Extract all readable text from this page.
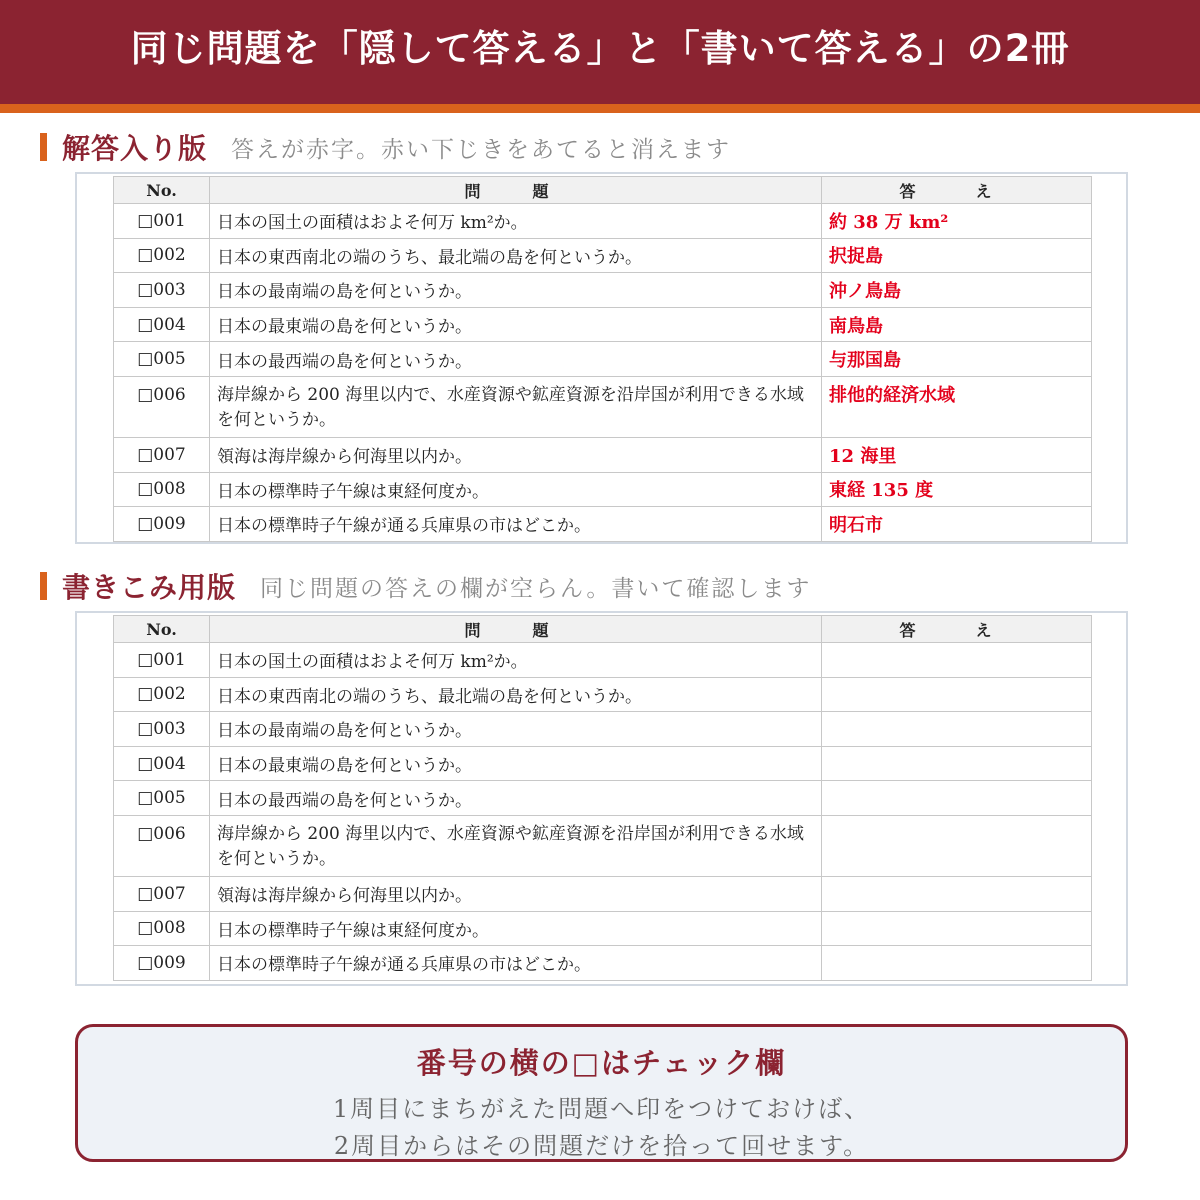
同じ問題を「隠して答える」と「書いて答える」の2冊
解答入り版 答えが赤字。赤い下じきをあてると消えます
No.	問　題	答　え
□001	日本の国土の面積はおよそ何万 km²か。	約 38 万 km²
□002	日本の東西南北の端のうち、最北端の島を何というか。	択捉島
□003	日本の最南端の島を何というか。	沖ノ鳥島
□004	日本の最東端の島を何というか。	南鳥島
□005	日本の最西端の島を何というか。	与那国島
□006	海岸線から 200 海里以内で、水産資源や鉱産資源を沿岸国が利用できる水域を何というか。	排他的経済水域
□007	領海は海岸線から何海里以内か。	12 海里
□008	日本の標準時子午線は東経何度か。	東経 135 度
□009	日本の標準時子午線が通る兵庫県の市はどこか。	明石市
書きこみ用版 同じ問題の答えの欄が空らん。書いて確認します
No.	問　題	答　え
□001	日本の国土の面積はおよそ何万 km²か。	
□002	日本の東西南北の端のうち、最北端の島を何というか。	
□003	日本の最南端の島を何というか。	
□004	日本の最東端の島を何というか。	
□005	日本の最西端の島を何というか。	
□006	海岸線から 200 海里以内で、水産資源や鉱産資源を沿岸国が利用できる水域を何というか。	
□007	領海は海岸線から何海里以内か。	
□008	日本の標準時子午線は東経何度か。	
□009	日本の標準時子午線が通る兵庫県の市はどこか。	
番号の横の□はチェック欄
1周目にまちがえた問題へ印をつけておけば、
2周目からはその問題だけを拾って回せます。
